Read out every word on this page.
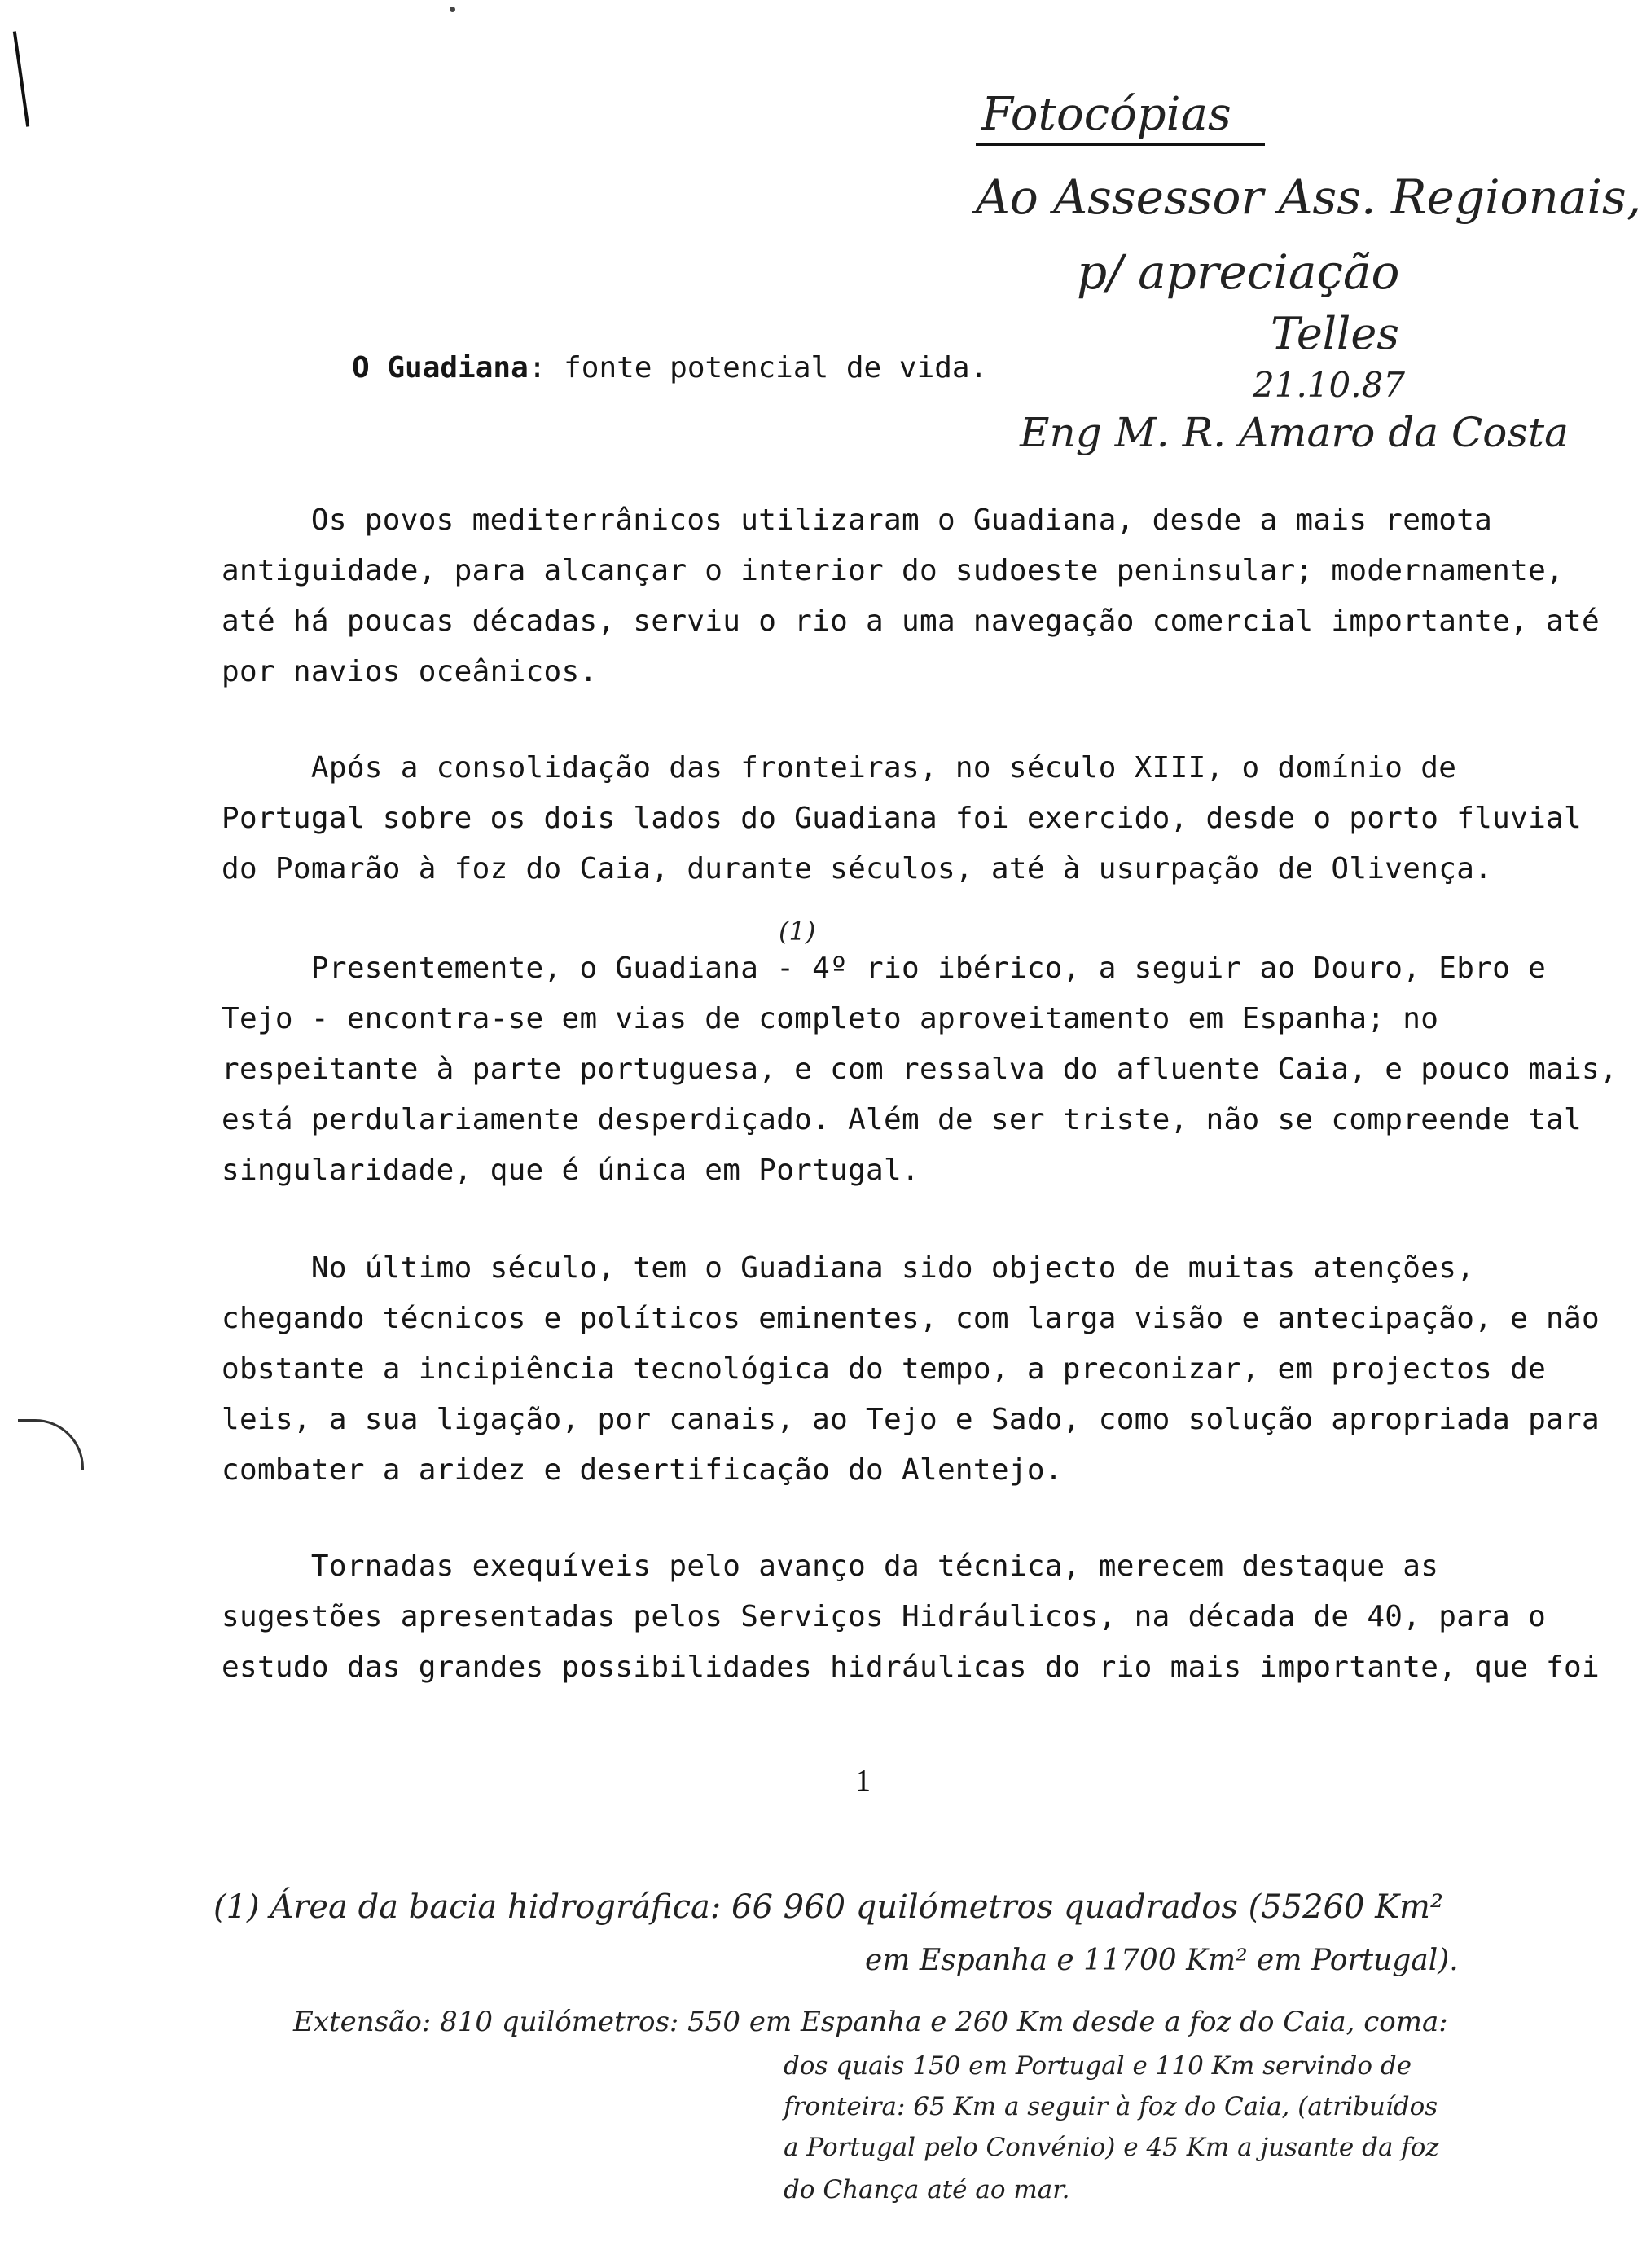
Fotocópias
Ao Assessor Ass. Regionais,
p/ apreciação
Telles
21.10.87
Eng M. R. Amaro da Costa
O Guadiana: fonte potencial de vida.
Os povos mediterrânicos utilizaram o Guadiana, desde a mais remota
antiguidade, para alcançar o interior do sudoeste peninsular; modernamente,
até há poucas décadas, serviu o rio a uma navegação comercial importante, até
por navios oceânicos.
Após a consolidação das fronteiras, no século XIII, o domínio de
Portugal sobre os dois lados do Guadiana foi exercido, desde o porto fluvial
do Pomarão à foz do Caia, durante séculos, até à usurpação de Olivença.
(1)
Presentemente, o Guadiana - 4º rio ibérico, a seguir ao Douro, Ebro e
Tejo - encontra-se em vias de completo aproveitamento em Espanha; no
respeitante à parte portuguesa, e com ressalva do afluente Caia, e pouco mais,
está perdulariamente desperdiçado. Além de ser triste, não se compreende tal
singularidade, que é única em Portugal.
No último século, tem o Guadiana sido objecto de muitas atenções,
chegando técnicos e políticos eminentes, com larga visão e antecipação, e não
obstante a incipiência tecnológica do tempo, a preconizar, em projectos de
leis, a sua ligação, por canais, ao Tejo e Sado, como solução apropriada para
combater a aridez e desertificação do Alentejo.
Tornadas exequíveis pelo avanço da técnica, merecem destaque as
sugestões apresentadas pelos Serviços Hidráulicos, na década de 40, para o
estudo das grandes possibilidades hidráulicas do rio mais importante, que foi
1
(1) Área da bacia hidrográfica: 66 960 quilómetros quadrados (55260 Km²
em Espanha e 11700 Km² em Portugal).
Extensão: 810 quilómetros: 550 em Espanha e 260 Km desde a foz do Caia, coma:
dos quais 150 em Portugal e 110 Km servindo de
fronteira: 65 Km a seguir à foz do Caia, (atribuídos
a Portugal pelo Convénio) e 45 Km a jusante da foz
do Chança até ao mar.
